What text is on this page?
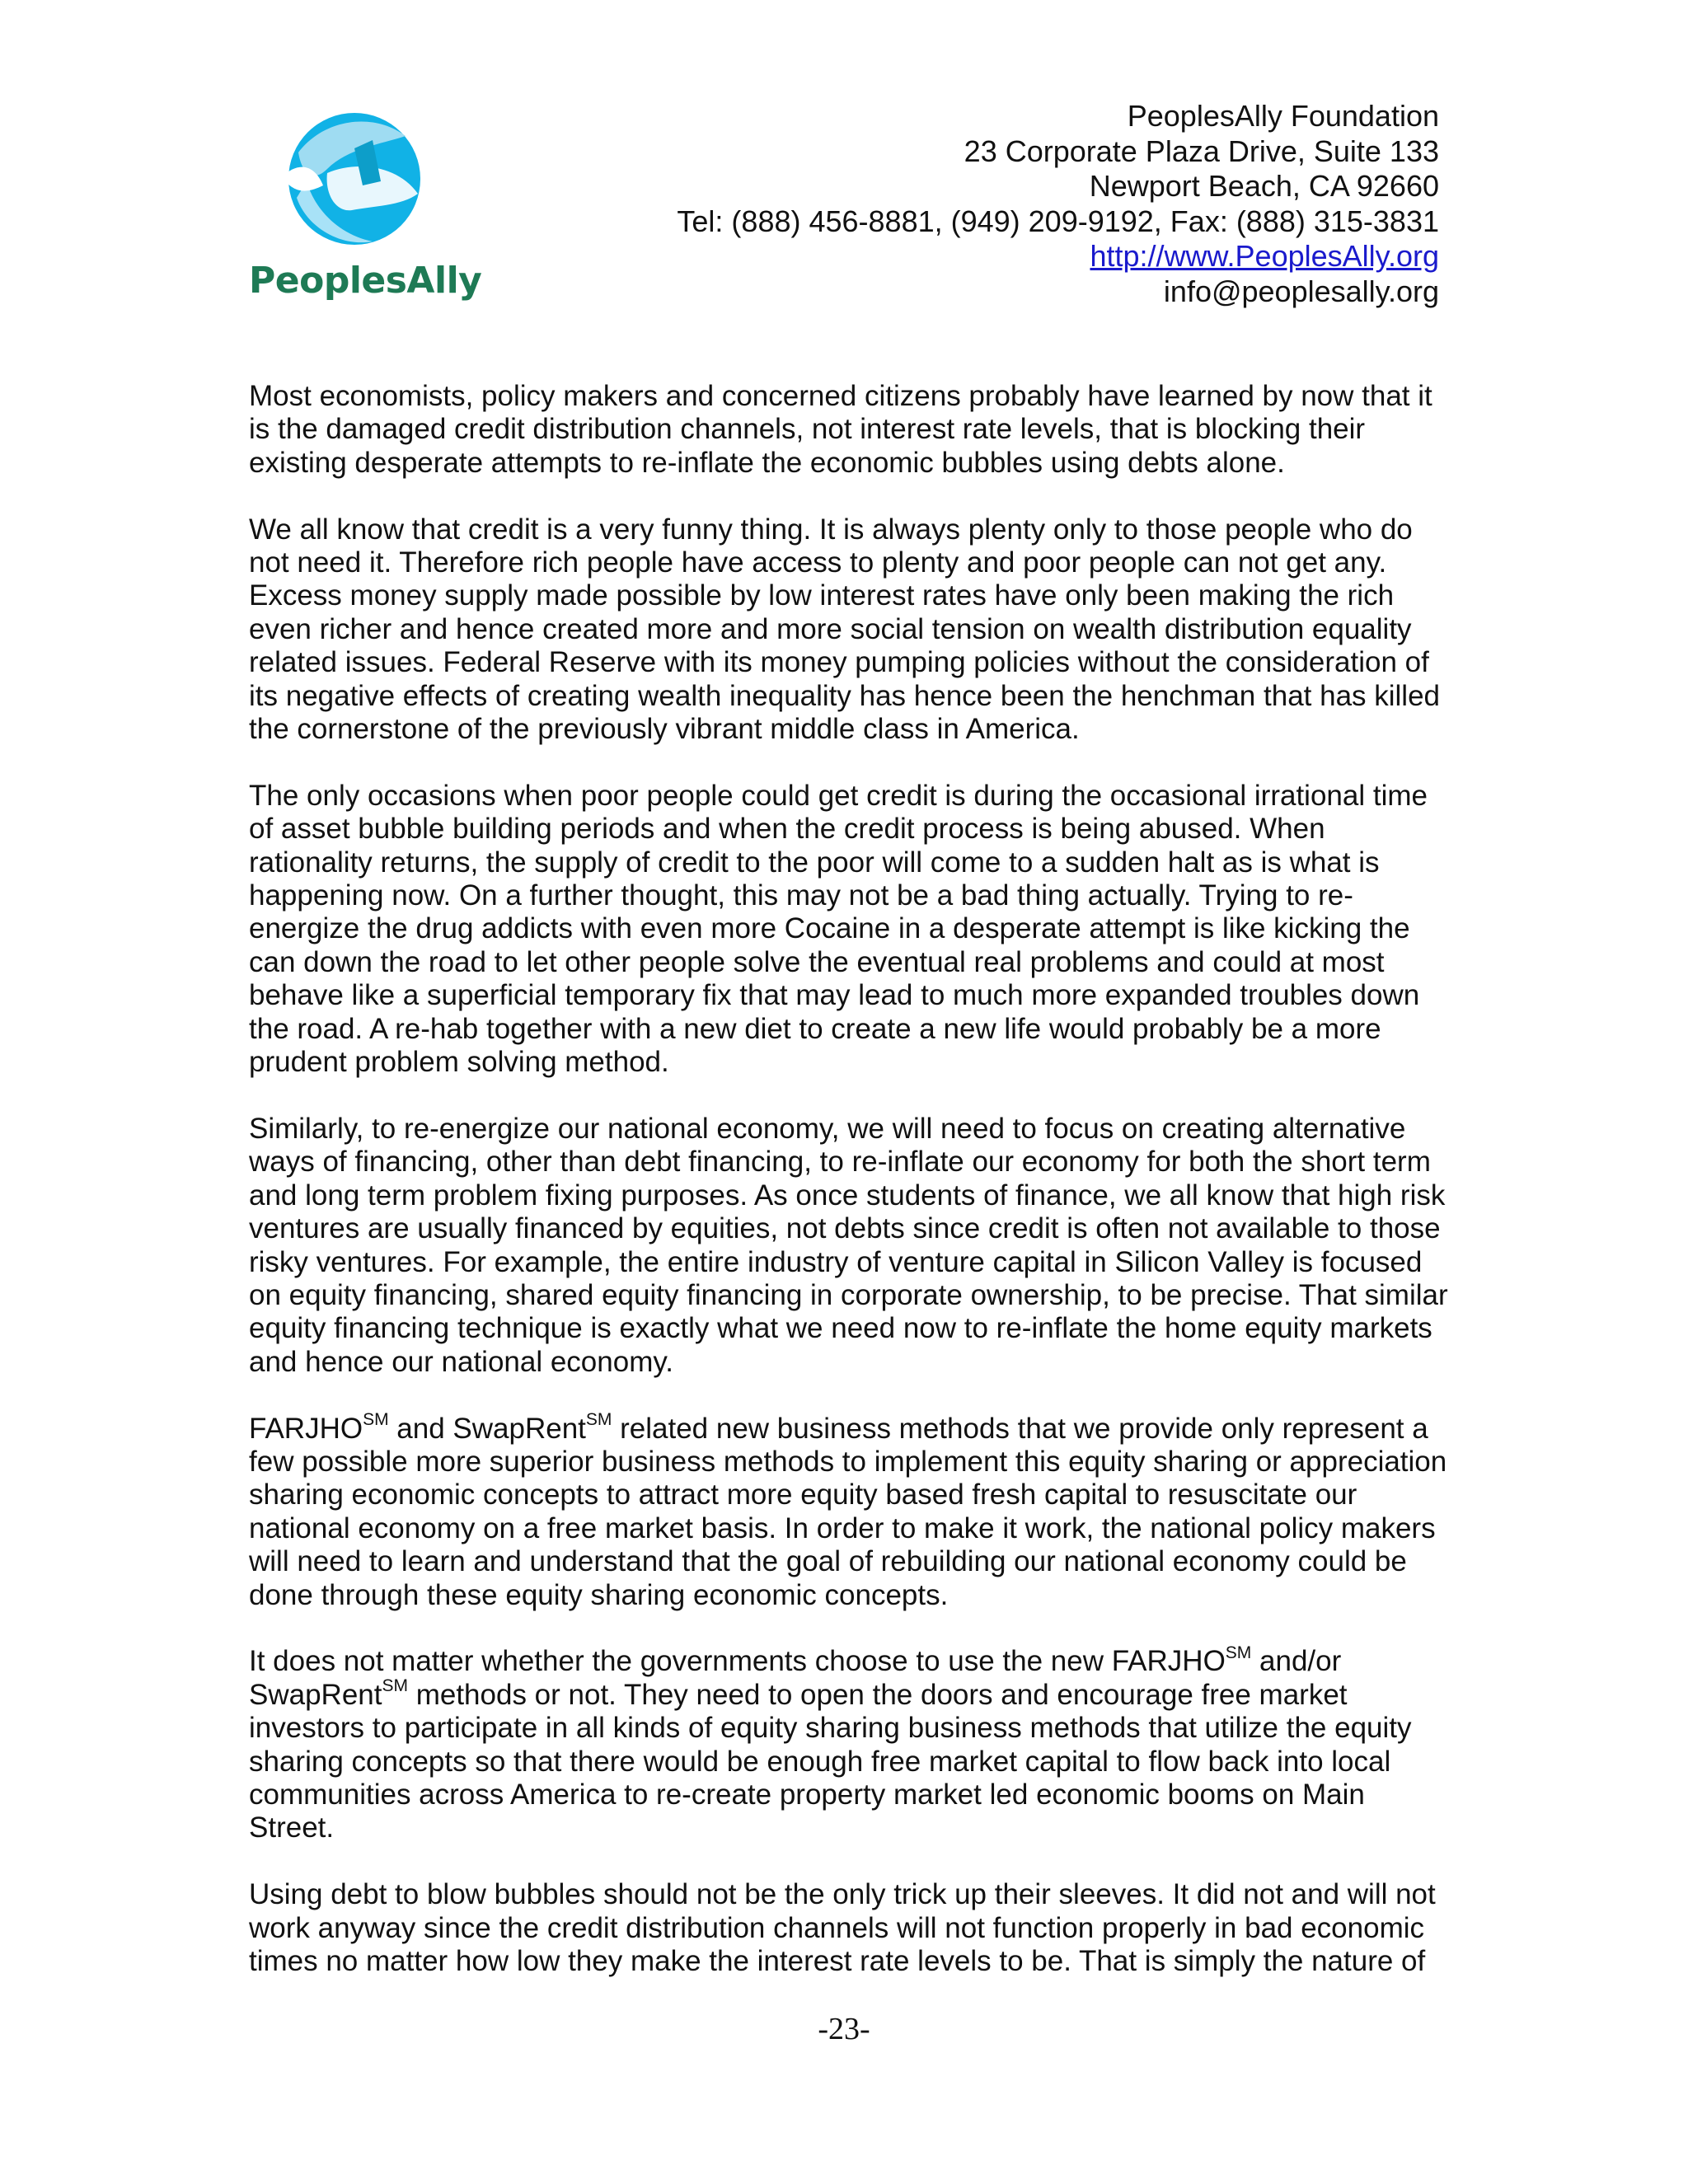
PeoplesAlly
PeoplesAlly Foundation
23 Corporate Plaza Drive, Suite 133
Newport Beach, CA 92660
Tel: (888) 456-8881, (949) 209-9192, Fax: (888) 315-3831
http://www.PeoplesAlly.org
info@peoplesally.org

Most economists, policy makers and concerned citizens probably have learned by now that it is the damaged credit distribution channels, not interest rate levels, that is blocking their existing desperate attempts to re-inflate the economic bubbles using debts alone.

We all know that credit is a very funny thing. It is always plenty only to those people who do not need it. Therefore rich people have access to plenty and poor people can not get any. Excess money supply made possible by low interest rates have only been making the rich even richer and hence created more and more social tension on wealth distribution equality related issues. Federal Reserve with its money pumping policies without the consideration of its negative effects of creating wealth inequality has hence been the henchman that has killed the cornerstone of the previously vibrant middle class in America.

The only occasions when poor people could get credit is during the occasional irrational time of asset bubble building periods and when the credit process is being abused. When rationality returns, the supply of credit to the poor will come to a sudden halt as is what is happening now. On a further thought, this may not be a bad thing actually. Trying to re-energize the drug addicts with even more Cocaine in a desperate attempt is like kicking the can down the road to let other people solve the eventual real problems and could at most behave like a superficial temporary fix that may lead to much more expanded troubles down the road. A re-hab together with a new diet to create a new life would probably be a more prudent problem solving method.

Similarly, to re-energize our national economy, we will need to focus on creating alternative ways of financing, other than debt financing, to re-inflate our economy for both the short term and long term problem fixing purposes. As once students of finance, we all know that high risk ventures are usually financed by equities, not debts since credit is often not available to those risky ventures. For example, the entire industry of venture capital in Silicon Valley is focused on equity financing, shared equity financing in corporate ownership, to be precise. That similar equity financing technique is exactly what we need now to re-inflate the home equity markets and hence our national economy.

FARJHO℠ and SwapRent℠ related new business methods that we provide only represent a few possible more superior business methods to implement this equity sharing or appreciation sharing economic concepts to attract more equity based fresh capital to resuscitate our national economy on a free market basis. In order to make it work, the national policy makers will need to learn and understand that the goal of rebuilding our national economy could be done through these equity sharing economic concepts.

It does not matter whether the governments choose to use the new FARJHO℠ and/or SwapRent℠ methods or not. They need to open the doors and encourage free market investors to participate in all kinds of equity sharing business methods that utilize the equity sharing concepts so that there would be enough free market capital to flow back into local communities across America to re-create property market led economic booms on Main Street.

Using debt to blow bubbles should not be the only trick up their sleeves. It did not and will not work anyway since the credit distribution channels will not function properly in bad economic times no matter how low they make the interest rate levels to be. That is simply the nature of

-23-
